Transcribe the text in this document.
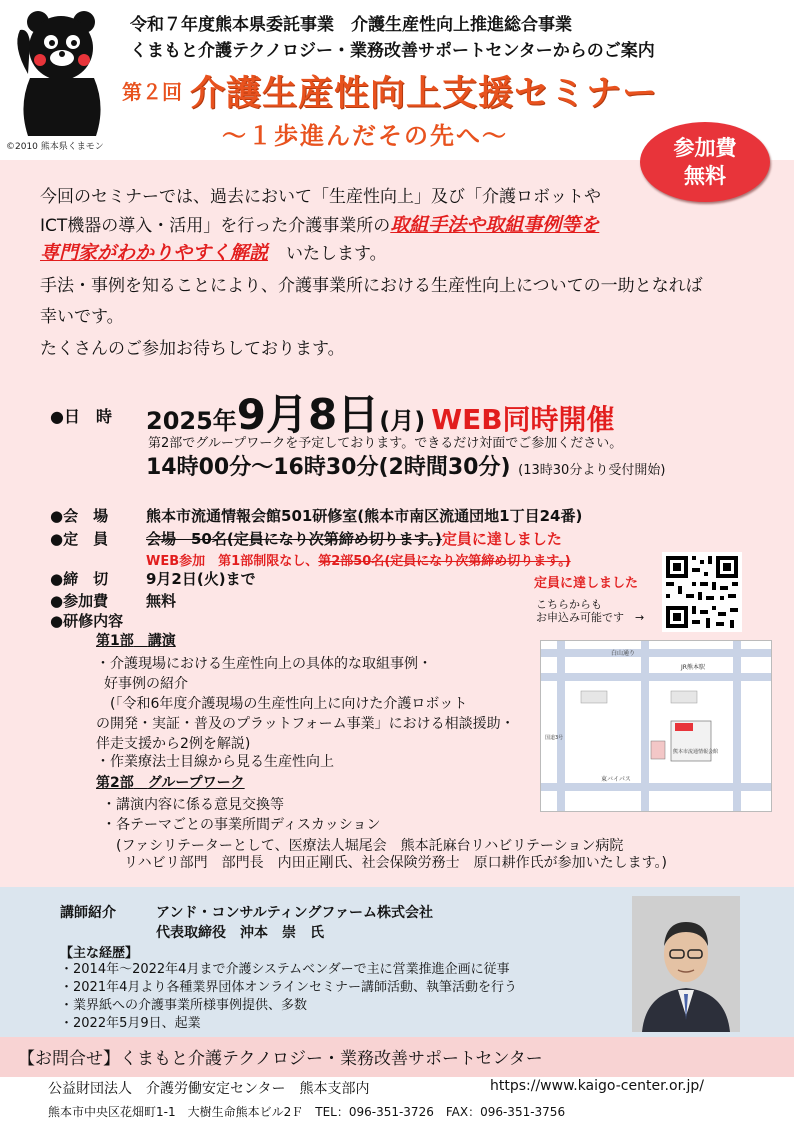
©2010 熊本県くまモン
令和７年度熊本県委託事業　介護生産性向上推進総合事業
くまもと介護テクノロジー・業務改善サポートセンターからのご案内
第２回 介護生産性向上支援セミナー
～１歩進んだその先へ～	参加費
無料
今回のセミナーでは、過去において「生産性向上」及び「介護ロボットや
ICT機器の導入・活用」を行った介護事業所の取組手法や取組事例等を
専門家がわかりやすく解説 いたします。
手法・事例を知ることにより、介護事業所における生産性向上についての一助となれば
幸いです。
たくさんのご参加お待ちしております。
●日　時 2025年9月8日(月) WEB同時開催
第2部でグループワークを予定しております。できるだけ対面でご参加ください。
14時00分～16時30分(2時間30分) (13時30分より受付開始)
●会　場	熊本市流通情報会館501研修室(熊本市南区流通団地1丁目24番)
●定　員	会場　50名(定員になり次第締め切ります。)定員に達しました
WEB参加　 第1部制限なし、第2部50名(定員になり次第締め切ります。)
定員に達しました
●締　切	9月2日(火)まで
●参加費	無料
●研修内容
こちらからも
お申込み可能です　→
白山通り
JR熊本駅
東バイパス
熊本市流通情報会館
国道3号
第1部　 講演
・介護現場における生産性向上の具体的な取組事例・
好事例の紹介
(「令和6年度介護現場の生産性向上に向けた介護ロボット
の開発・実証・普及のプラットフォーム事業」における相談援助・
伴走支援から2例を解説)
・作業療法士目線から見る生産性向上
第2部　 グループワーク
・講演内容に係る意見交換等
・各テーマごとの事業所間ディスカッション
(ファシリテーターとして、医療法人堀尾会　熊本託麻台リハビリテーション病院
リハビリ部門　部門長　内田正剛氏、社会保険労務士　原口耕作氏が参加いたします。)
講師紹介	アンド・コンサルティングファーム株式会社
代表取締役　沖本　崇　氏
【主な経歴】
・2014年～2022年4月まで介護システムベンダーで主に営業推進企画に従事
・2021年4月より各種業界団体オンラインセミナー講師活動、執筆活動を行う
・業界紙への介護事業所様事例提供、多数
・2022年5月9日、起業
【お問合せ】くまもと介護テクノロジー・業務改善サポートセンター
公益財団法人　介護労働安定センター　熊本支部内	https://www.kaigo-center.or.jp/
熊本市中央区花畑町1-1　大樹生命熊本ビル2Ｆ　TEL：096-351-3726　FAX：096-351-3756
